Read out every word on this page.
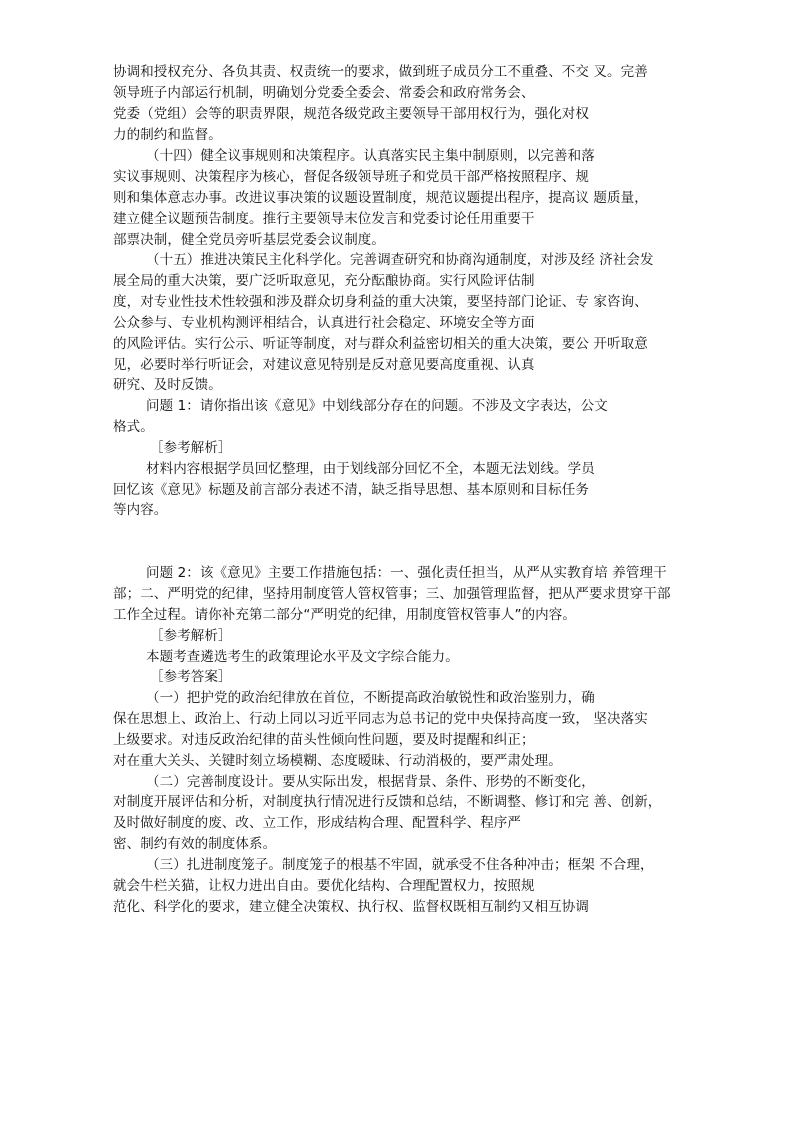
协调和授权充分、各负其责、权责统一的要求，做到班子成员分工不重叠、不交 叉。完善
领导班子内部运行机制，明确划分党委全委会、常委会和政府常务会、
党委（党组）会等的职责界限，规范各级党政主要领导干部用权行为，强化对权
力的制约和监督。
（十四）健全议事规则和决策程序。认真落实民主集中制原则，以完善和落
实议事规则、决策程序为核心，督促各级领导班子和党员干部严格按照程序、规
则和集体意志办事。改进议事决策的议题设置制度，规范议题提出程序，提高议 题质量，
建立健全议题预告制度。推行主要领导末位发言和党委讨论任用重要干
部票决制，健全党员旁听基层党委会议制度。
（十五）推进决策民主化科学化。完善调查研究和协商沟通制度，对涉及经 济社会发
展全局的重大决策，要广泛听取意见，充分酝酿协商。实行风险评估制
度，对专业性技术性较强和涉及群众切身利益的重大决策，要坚持部门论证、专 家咨询、
公众参与、专业机构测评相结合，认真进行社会稳定、环境安全等方面
的风险评估。实行公示、听证等制度，对与群众利益密切相关的重大决策，要公 开听取意
见，必要时举行听证会，对建议意见特别是反对意见要高度重视、认真
研究、及时反馈。
问题 1：请你指出该《意见》中划线部分存在的问题。不涉及文字表达，公文
格式。
［参考解析］
材料内容根据学员回忆整理，由于划线部分回忆不全，本题无法划线。学员
回忆该《意见》标题及前言部分表述不清，缺乏指导思想、基本原则和目标任务
等内容。
问题 2：该《意见》主要工作措施包括：一、强化责任担当，从严从实教育培 养管理干
部；二、严明党的纪律，坚持用制度管人管权管事；三、加强管理监督，把从严要求贯穿干部
工作全过程。请你补充第二部分“严明党的纪律，用制度管权管事人”的内容。
［参考解析］
本题考查遴选考生的政策理论水平及文字综合能力。
［参考答案］
（一）把护党的政治纪律放在首位，不断提高政治敏锐性和政治鉴别力，确
保在思想上、政治上、行动上同以习近平同志为总书记的党中央保持高度一致， 坚决落实
上级要求。对违反政治纪律的苗头性倾向性问题，要及时提醒和纠正；
对在重大关头、关键时刻立场模糊、态度暧昧、行动消极的，要严肃处理。
（二）完善制度设计。要从实际出发，根据背景、条件、形势的不断变化，
对制度开展评估和分析，对制度执行情况进行反馈和总结，不断调整、修订和完 善、创新，
及时做好制度的废、改、立工作，形成结构合理、配置科学、程序严
密、制约有效的制度体系。
（三）扎进制度笼子。制度笼子的根基不牢固，就承受不住各种冲击；框架 不合理，
就会牛栏关猫，让权力进出自由。要优化结构、合理配置权力，按照规
范化、科学化的要求，建立健全决策权、执行权、监督权既相互制约又相互协调
